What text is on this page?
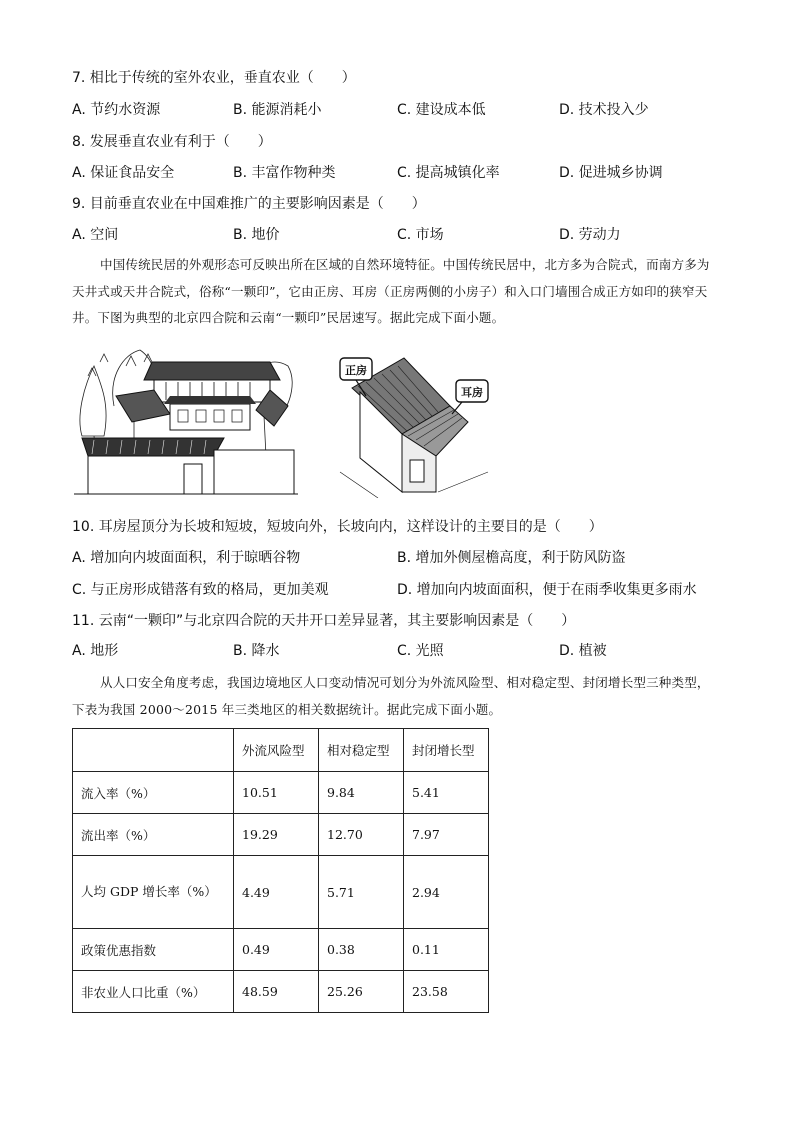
7. 相比于传统的室外农业，垂直农业（　　）
A. 节约水资源	B. 能源消耗小	C. 建设成本低	D. 技术投入少
8. 发展垂直农业有利于（　　）
A. 保证食品安全	B. 丰富作物种类	C. 提高城镇化率	D. 促进城乡协调
9. 目前垂直农业在中国难推广的主要影响因素是（　　）
A. 空间	B. 地价	C. 市场	D. 劳动力
中国传统民居的外观形态可反映出所在区域的自然环境特征。中国传统民居中，北方多为合院式，而南方多为天井式或天井合院式，俗称“一颗印”，它由正房、耳房（正房两侧的小房子）和入口门墙围合成正方如印的狭窄天井。下图为典型的北京四合院和云南“一颗印”民居速写。据此完成下面小题。
正房
耳房
10. 耳房屋顶分为长坡和短坡，短坡向外，长坡向内，这样设计的主要目的是（　　）
A. 增加向内坡面面积，利于晾晒谷物	B. 增加外侧屋檐高度，利于防风防盗
C. 与正房形成错落有致的格局，更加美观	D. 增加向内坡面面积，便于在雨季收集更多雨水
11. 云南“一颗印”与北京四合院的天井开口差异显著，其主要影响因素是（　　）
A. 地形	B. 降水	C. 光照	D. 植被
从人口安全角度考虑，我国边境地区人口变动情况可划分为外流风险型、相对稳定型、封闭增长型三种类型，下表为我国 2000～2015 年三类地区的相关数据统计。据此完成下面小题。
	外流风险型	相对稳定型	封闭增长型
流入率（%）	10.51	9.84	5.41
流出率（%）	19.29	12.70	7.97
人均 GDP 增长率（%）	4.49	5.71	2.94
政策优惠指数	0.49	0.38	0.11
非农业人口比重（%）	48.59	25.26	23.58
